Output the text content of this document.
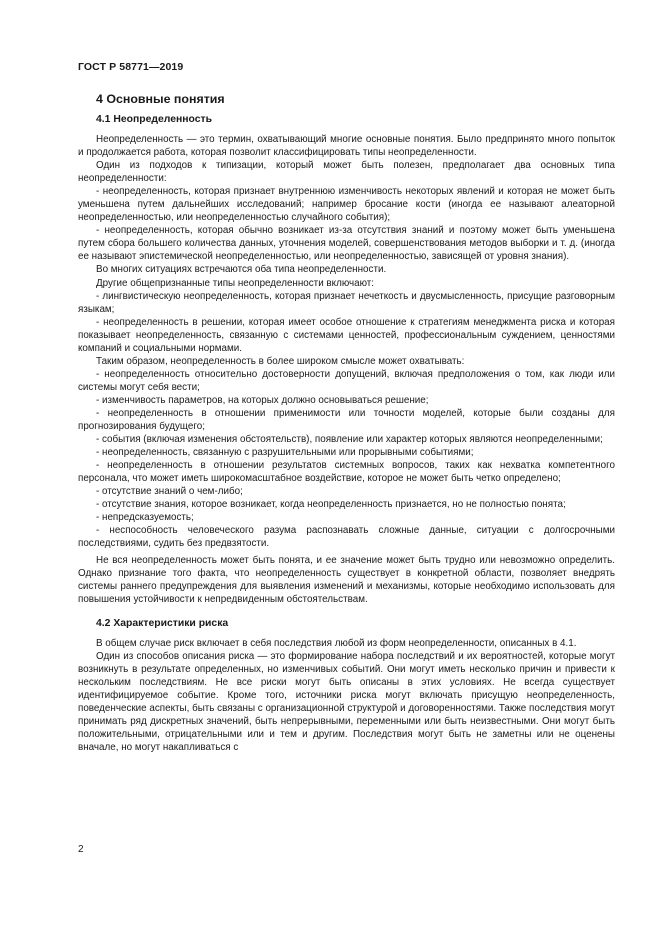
ГОСТ Р 58771—2019
4 Основные понятия
4.1 Неопределенность

Неопределенность — это термин, охватывающий многие основные понятия. Было предпринято много попыток и продолжается работа, которая позволит классифицировать типы неопределенности.

Один из подходов к типизации, который может быть полезен, предполагает два основных типа неопределенности:

- неопределенность, которая признает внутреннюю изменчивость некоторых явлений и которая не может быть уменьшена путем дальнейших исследований; например бросание кости (иногда ее называют алеаторной неопределенностью, или неопределенностью случайного события);

- неопределенность, которая обычно возникает из-за отсутствия знаний и поэтому может быть уменьшена путем сбора большего количества данных, уточнения моделей, совершенствования методов выборки и т. д. (иногда ее называют эпистемической неопределенностью, или неопределенностью, зависящей от уровня знания).

Во многих ситуациях встречаются оба типа неопределенности.

Другие общепризнанные типы неопределенности включают:

- лингвистическую неопределенность, которая признает нечеткость и двусмысленность, присущие разговорным языкам;

- неопределенность в решении, которая имеет особое отношение к стратегиям менеджмента риска и которая показывает неопределенность, связанную с системами ценностей, профессиональным суждением, ценностями компаний и социальными нормами.

Таким образом, неопределенность в более широком смысле может охватывать:

- неопределенность относительно достоверности допущений, включая предположения о том, как люди или системы могут себя вести;

- изменчивость параметров, на которых должно основываться решение;

- неопределенность в отношении применимости или точности моделей, которые были созданы для прогнозирования будущего;

- события (включая изменения обстоятельств), появление или характер которых являются неопределенными;

- неопределенность, связанную с разрушительными или прорывными событиями;

- неопределенность в отношении результатов системных вопросов, таких как нехватка компетентного персонала, что может иметь широкомасштабное воздействие, которое не может быть четко определено;

- отсутствие знаний о чем-либо;

- отсутствие знания, которое возникает, когда неопределенность признается, но не полностью понята;

- непредсказуемость;

- неспособность человеческого разума распознавать сложные данные, ситуации с долгосрочными последствиями, судить без предвзятости.

Не вся неопределенность может быть понята, и ее значение может быть трудно или невозможно определить. Однако признание того факта, что неопределенность существует в конкретной области, позволяет внедрять системы раннего предупреждения для выявления изменений и механизмы, которые необходимо использовать для повышения устойчивости к непредвиденным обстоятельствам.

4.2 Характеристики риска

В общем случае риск включает в себя последствия любой из форм неопределенности, описанных в 4.1.

Один из способов описания риска — это формирование набора последствий и их вероятностей, которые могут возникнуть в результате определенных, но изменчивых событий. Они могут иметь несколько причин и привести к нескольким последствиям. Не все риски могут быть описаны в этих условиях. Не всегда существует идентифицируемое событие. Кроме того, источники риска могут включать присущую неопределенность, поведенческие аспекты, быть связаны с организационной структурой и договоренностями. Также последствия могут принимать ряд дискретных значений, быть непрерывными, переменными или быть неизвестными. Они могут быть положительными, отрицательными или и тем и другим. Последствия могут быть не заметны или не оценены вначале, но могут накапливаться с

2
